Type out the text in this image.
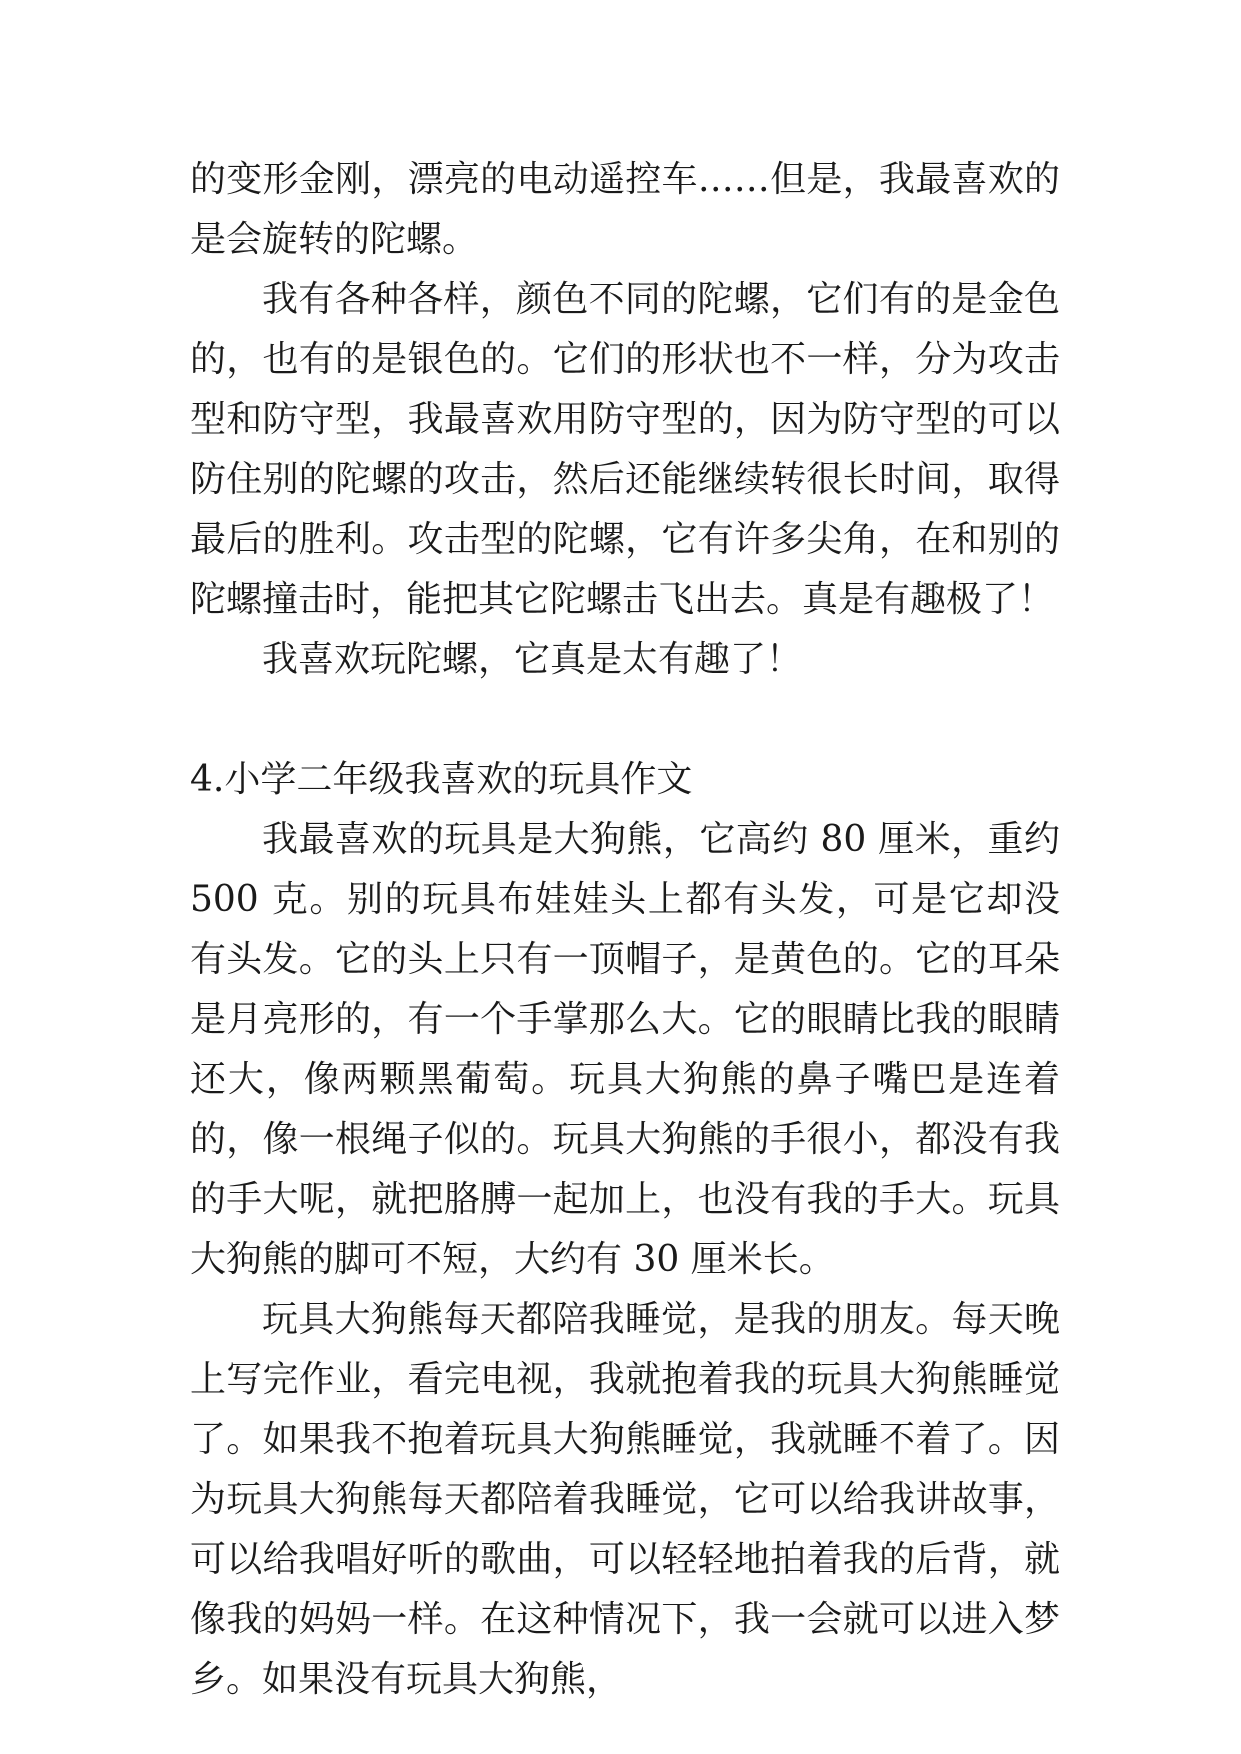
的变形金刚，漂亮的电动遥控车……但是，我最喜欢的是会旋转的陀螺。

我有各种各样，颜色不同的陀螺，它们有的是金色的，也有的是银色的。它们的形状也不一样，分为攻击型和防守型，我最喜欢用防守型的，因为防守型的可以防住别的陀螺的攻击，然后还能继续转很长时间，取得最后的胜利。攻击型的陀螺，它有许多尖角，在和别的陀螺撞击时，能把其它陀螺击飞出去。真是有趣极了！

我喜欢玩陀螺，它真是太有趣了！

4.小学二年级我喜欢的玩具作文

我最喜欢的玩具是大狗熊，它高约 80 厘米，重约 500 克。别的玩具布娃娃头上都有头发，可是它却没有头发。它的头上只有一顶帽子，是黄色的。它的耳朵是月亮形的，有一个手掌那么大。它的眼睛比我的眼睛还大，像两颗黑葡萄。玩具大狗熊的鼻子嘴巴是连着的，像一根绳子似的。玩具大狗熊的手很小，都没有我的手大呢，就把胳膊一起加上，也没有我的手大。玩具大狗熊的脚可不短，大约有 30 厘米长。

玩具大狗熊每天都陪我睡觉，是我的朋友。每天晚上写完作业，看完电视，我就抱着我的玩具大狗熊睡觉了。如果我不抱着玩具大狗熊睡觉，我就睡不着了。因为玩具大狗熊每天都陪着我睡觉，它可以给我讲故事，可以给我唱好听的歌曲，可以轻轻地拍着我的后背，就像我的妈妈一样。在这种情况下，我一会就可以进入梦乡。如果没有玩具大狗熊，
